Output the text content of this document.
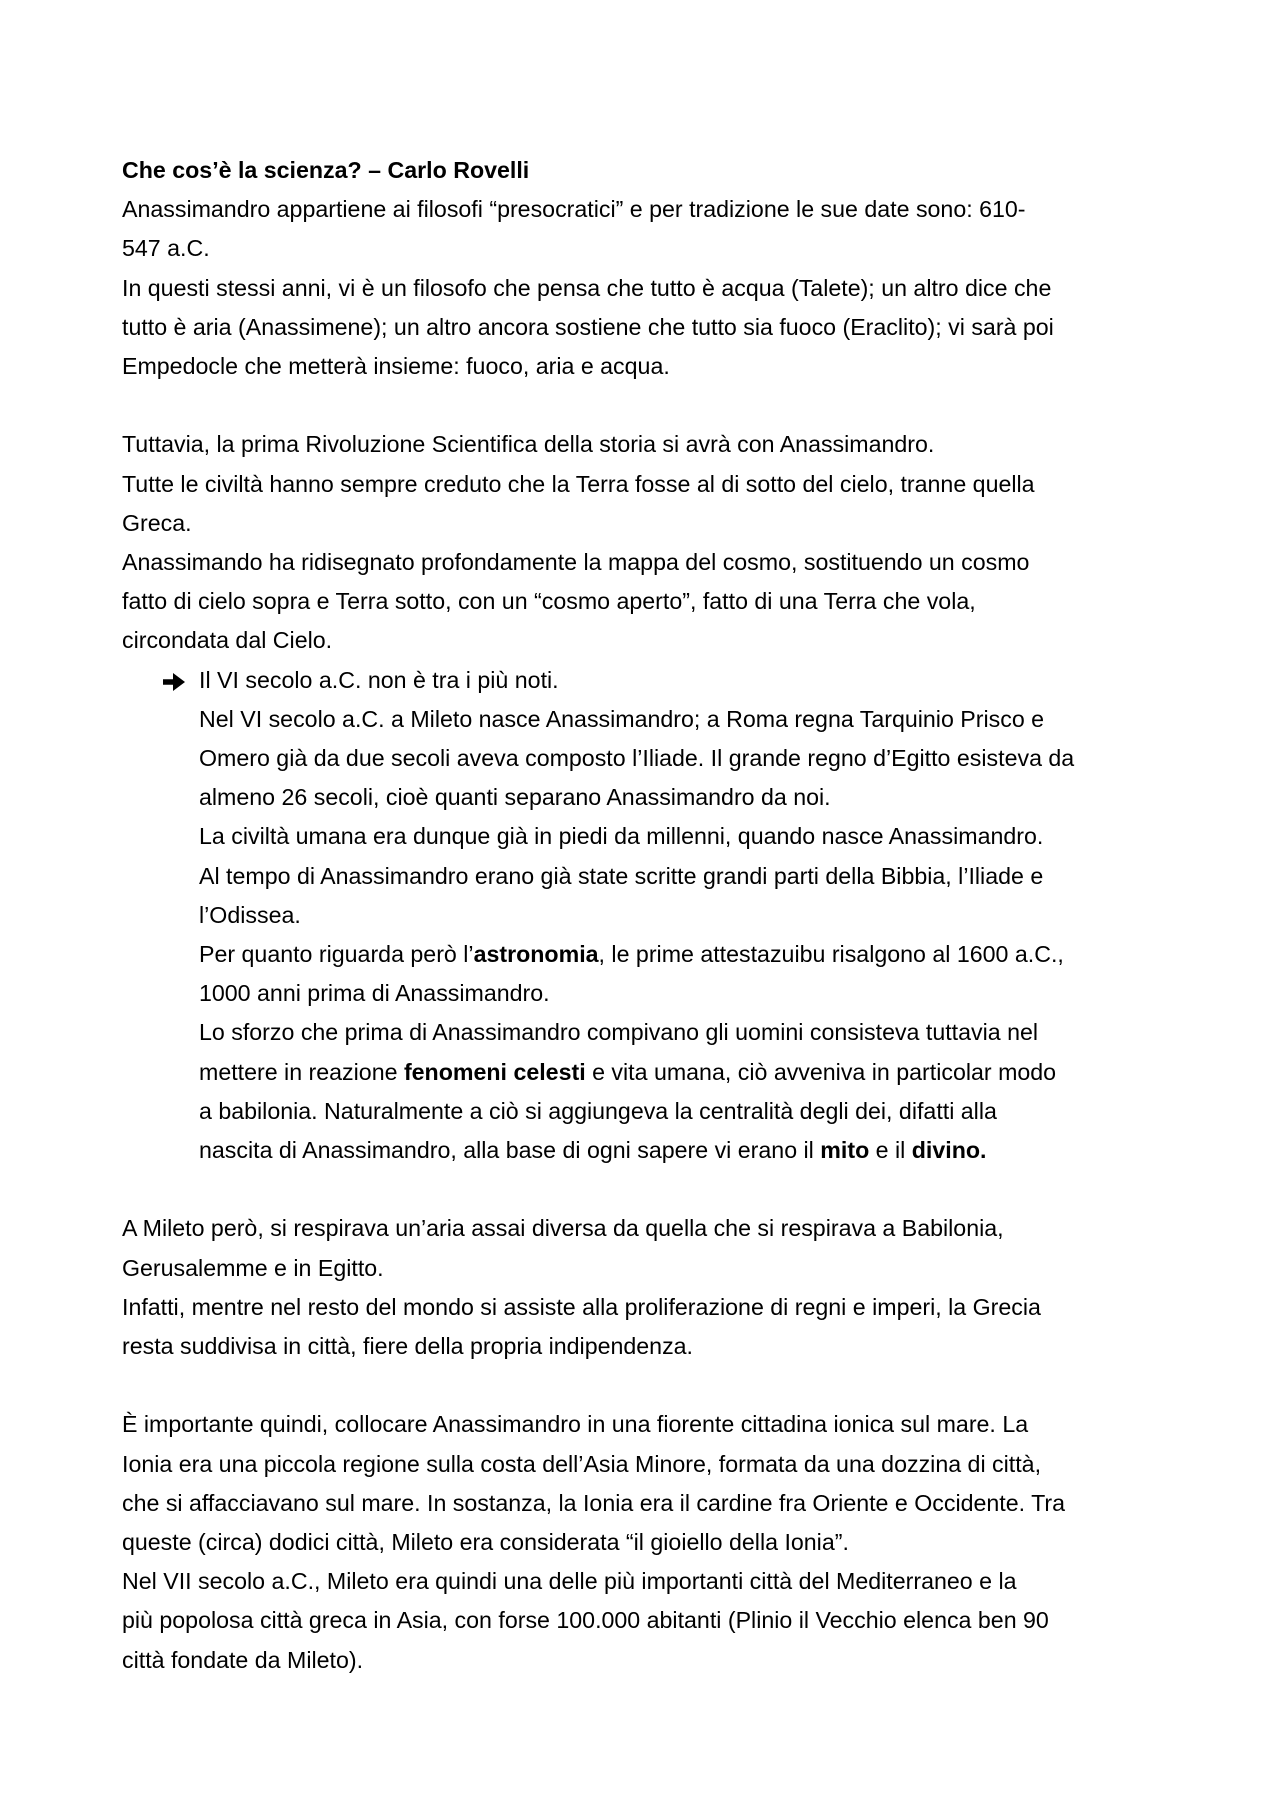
Che cos’è la scienza? – Carlo Rovelli
Anassimandro appartiene ai filosofi “presocratici” e per tradizione le sue date sono: 610-
547 a.C.
In questi stessi anni, vi è un filosofo che pensa che tutto è acqua (Talete); un altro dice che
tutto è aria (Anassimene); un altro ancora sostiene che tutto sia fuoco (Eraclito); vi sarà poi
Empedocle che metterà insieme: fuoco, aria e acqua.
Tuttavia, la prima Rivoluzione Scientifica della storia si avrà con Anassimandro.
Tutte le civiltà hanno sempre creduto che la Terra fosse al di sotto del cielo, tranne quella
Greca.
Anassimando ha ridisegnato profondamente la mappa del cosmo, sostituendo un cosmo
fatto di cielo sopra e Terra sotto, con un “cosmo aperto”, fatto di una Terra che vola,
circondata dal Cielo.
Il VI secolo a.C. non è tra i più noti.
Nel VI secolo a.C. a Mileto nasce Anassimandro; a Roma regna Tarquinio Prisco e
Omero già da due secoli aveva composto l’Iliade. Il grande regno d’Egitto esisteva da
almeno 26 secoli, cioè quanti separano Anassimandro da noi.
La civiltà umana era dunque già in piedi da millenni, quando nasce Anassimandro.
Al tempo di Anassimandro erano già state scritte grandi parti della Bibbia, l’Iliade e
l’Odissea.
Per quanto riguarda però l’astronomia, le prime attestazuibu risalgono al 1600 a.C.,
1000 anni prima di Anassimandro.
Lo sforzo che prima di Anassimandro compivano gli uomini consisteva tuttavia nel
mettere in reazione fenomeni celesti e vita umana, ciò avveniva in particolar modo
a babilonia. Naturalmente a ciò si aggiungeva la centralità degli dei, difatti alla
nascita di Anassimandro, alla base di ogni sapere vi erano il mito e il divino.
A Mileto però, si respirava un’aria assai diversa da quella che si respirava a Babilonia,
Gerusalemme e in Egitto.
Infatti, mentre nel resto del mondo si assiste alla proliferazione di regni e imperi, la Grecia
resta suddivisa in città, fiere della propria indipendenza.
È importante quindi, collocare Anassimandro in una fiorente cittadina ionica sul mare. La
Ionia era una piccola regione sulla costa dell’Asia Minore, formata da una dozzina di città,
che si affacciavano sul mare. In sostanza, la Ionia era il cardine fra Oriente e Occidente. Tra
queste (circa) dodici città, Mileto era considerata “il gioiello della Ionia”.
Nel VII secolo a.C., Mileto era quindi una delle più importanti città del Mediterraneo e la
più popolosa città greca in Asia, con forse 100.000 abitanti (Plinio il Vecchio elenca ben 90
città fondate da Mileto).
